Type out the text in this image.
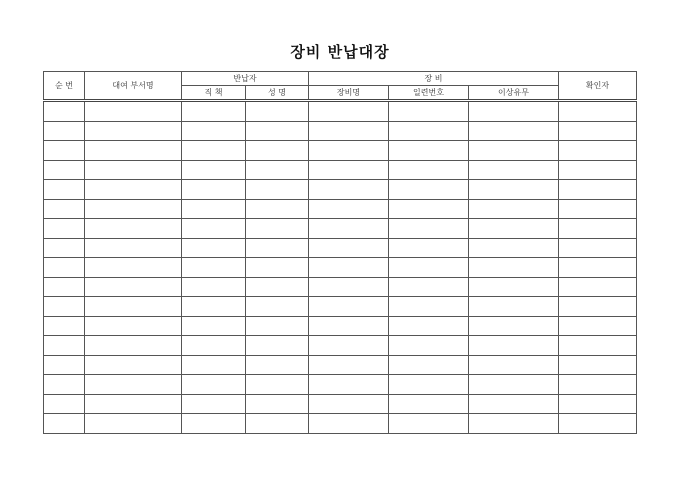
장비 반납대장
순 번	대여 부서명	반납자		장 비			확인자
		직 책	성 명	장비명	일련번호	이상유무	
